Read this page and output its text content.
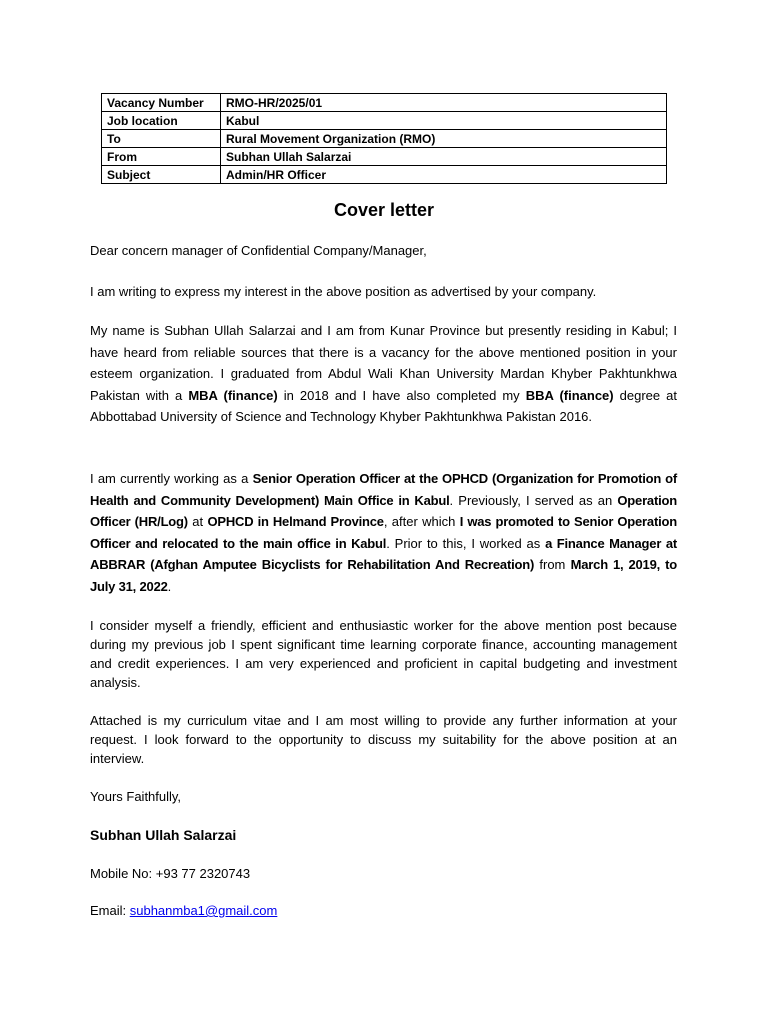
Vacancy Number	RMO-HR/2025/01
Job location	Kabul
To	Rural Movement Organization (RMO)
From	Subhan Ullah Salarzai
Subject	Admin/HR Officer
Cover letter
Dear concern manager of Confidential Company/Manager,
I am writing to express my interest in the above position as advertised by your company.
My name is Subhan Ullah Salarzai and I am from Kunar Province but presently residing in Kabul; I have heard from reliable sources that there is a vacancy for the above mentioned position in your esteem organization. I graduated from Abdul Wali Khan University Mardan Khyber Pakhtunkhwa Pakistan with a MBA (finance) in 2018 and I have also completed my BBA (finance) degree at Abbottabad University of Science and Technology Khyber Pakhtunkhwa Pakistan 2016.
I am currently working as a Senior Operation Officer at the OPHCD (Organization for Promotion of Health and Community Development) Main Office in Kabul. Previously, I served as an Operation Officer (HR/Log) at OPHCD in Helmand Province, after which I was promoted to Senior Operation Officer and relocated to the main office in Kabul. Prior to this, I worked as a Finance Manager at ABBRAR (Afghan Amputee Bicyclists for Rehabilitation And Recreation) from March 1, 2019, to July 31, 2022.
I consider myself a friendly, efficient and enthusiastic worker for the above mention post because during my previous job I spent significant time learning corporate finance, accounting management and credit experiences. I am very experienced and proficient in capital budgeting and investment analysis.
Attached is my curriculum vitae and I am most willing to provide any further information at your request. I look forward to the opportunity to discuss my suitability for the above position at an interview.
Yours Faithfully,
Subhan Ullah Salarzai
Mobile No: +93 77 2320743
Email: subhanmba1@gmail.com
